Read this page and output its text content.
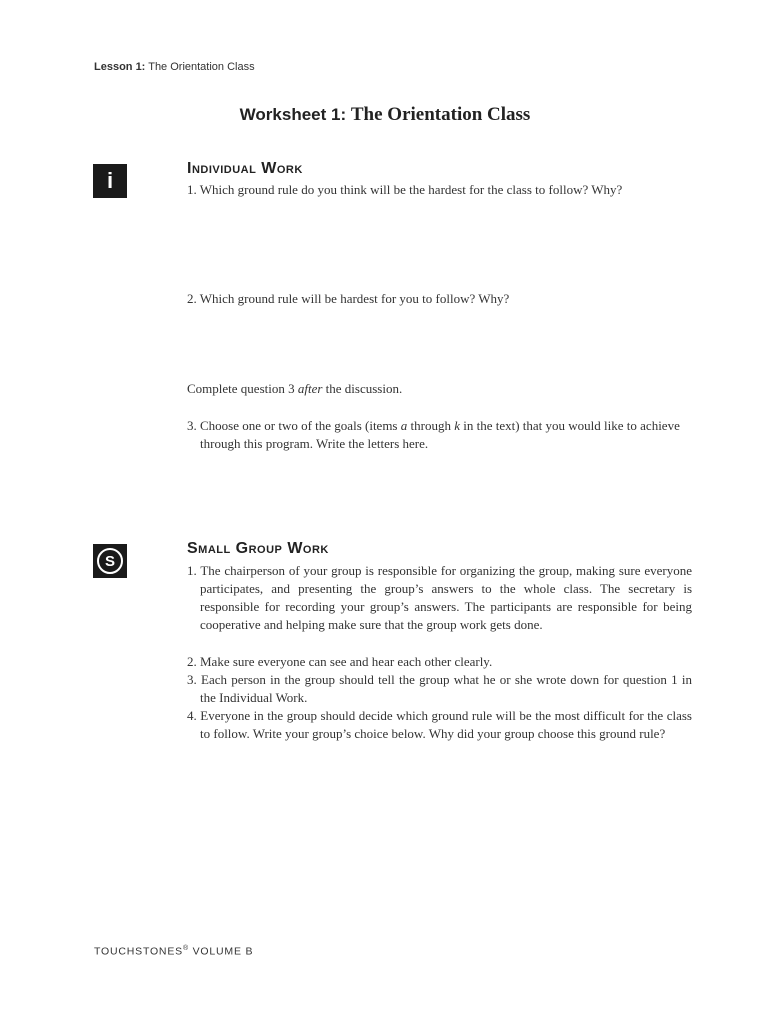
Lesson 1: The Orientation Class
Worksheet 1: The Orientation Class
i	Individual Work
1. Which ground rule do you think will be the hardest for the class to follow? Why?
2. Which ground rule will be hardest for you to follow? Why?
Complete question 3 after the discussion.
3. Choose one or two of the goals (items a through k in the text) that you would like to achieve through this program. Write the letters here.
S
Small Group Work
1. The chairperson of your group is responsible for organizing the group, making sure everyone participates, and presenting the group’s answers to the whole class. The secretary is responsible for recording your group’s answers. The participants are responsible for being cooperative and helping make sure that the group work gets done.
2. Make sure everyone can see and hear each other clearly.
3. Each person in the group should tell the group what he or she wrote down for question 1 in the Individual Work.
4. Everyone in the group should decide which ground rule will be the most difficult for the class to follow. Write your group’s choice below. Why did your group choose this ground rule?
TOUCHSTONES® VOLUME B
